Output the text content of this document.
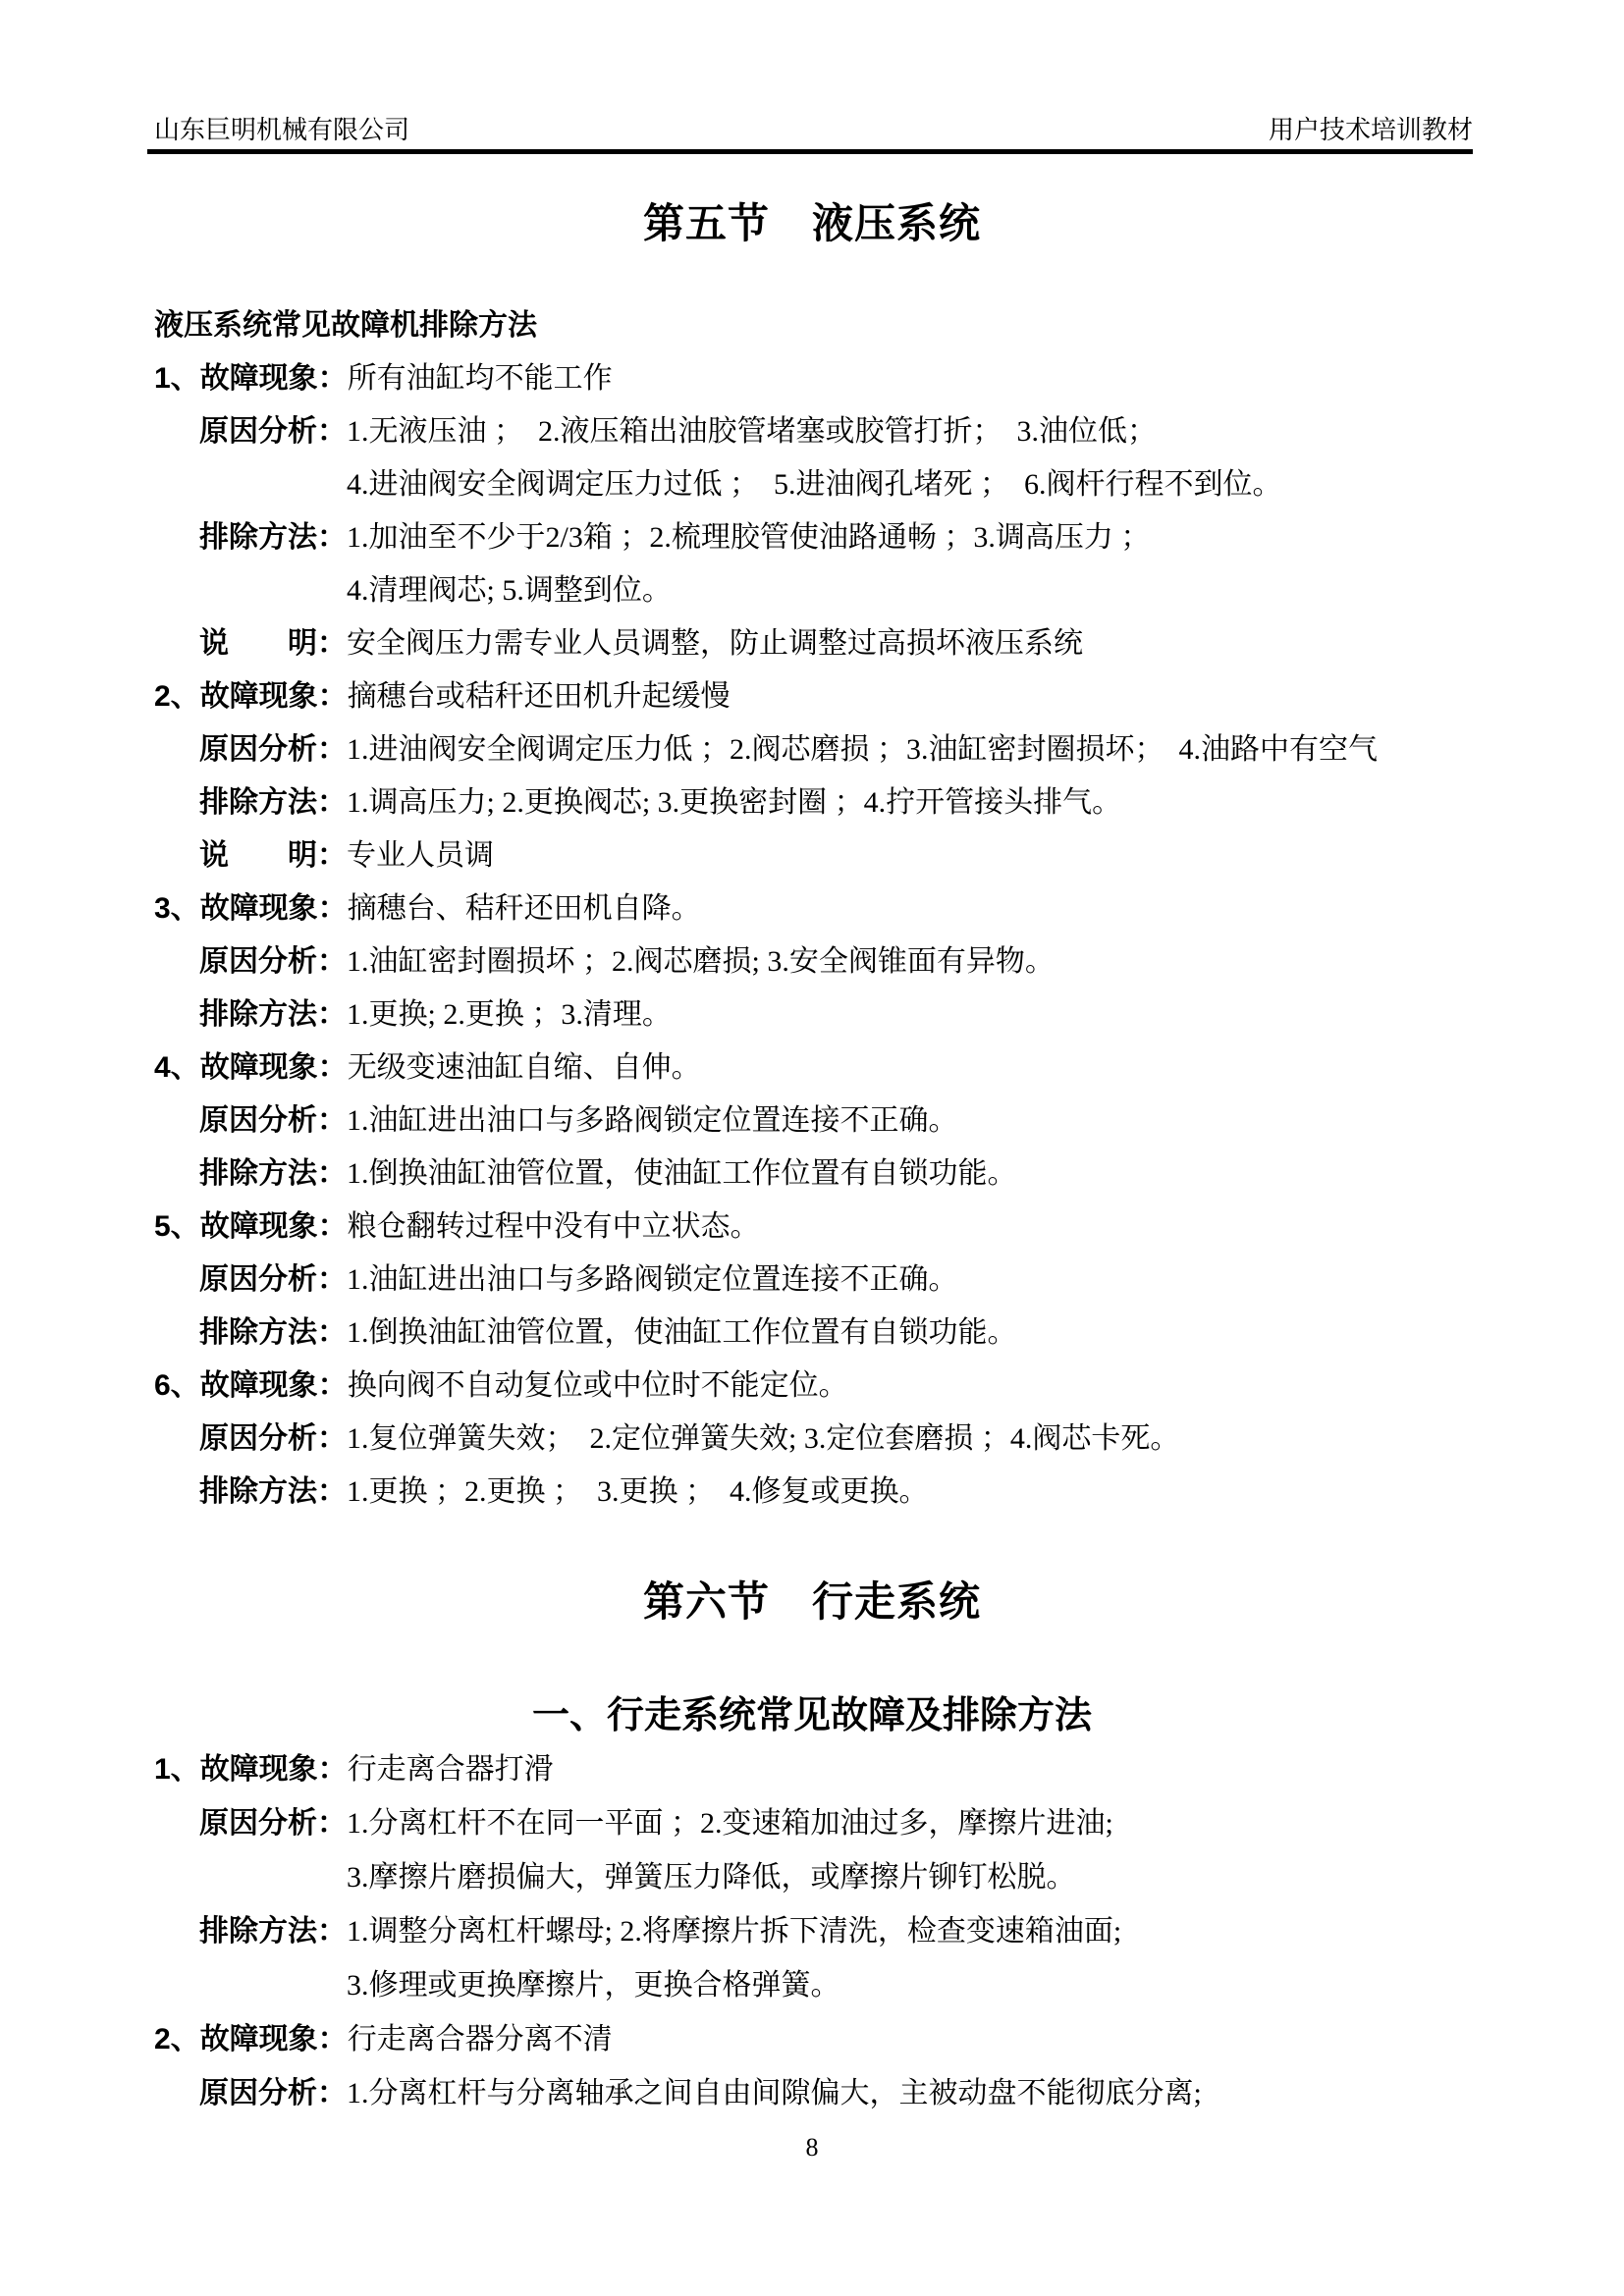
山东巨明机械有限公司	用户技术培训教材
第五节　液压系统
液压系统常见故障机排除方法
1、 故障现象： 所有油缸均不能工作
原因分析： 1.无液压油 ；  2.液压箱出油胶管堵塞或胶管打折；  3.油位低；
4.进油阀安全阀调定压力过低 ；  5.进油阀孔堵死 ；  6.阀杆行程不到位。
排除方法： 1.加油至不少于2/3箱 ；2.梳理胶管使油路通畅 ；3.调高压力 ；
4.清理阀芯; 5.调整到位。
说　　明： 安全阀压力需专业人员调整，防止调整过高损坏液压系统
2、 故障现象： 摘穗台或秸秆还田机升起缓慢
原因分析： 1.进油阀安全阀调定压力低 ；2.阀芯磨损 ；3.油缸密封圈损坏；  4.油路中有空气
排除方法： 1.调高压力; 2.更换阀芯; 3.更换密封圈 ；4.拧开管接头排气。
说　　明： 专业人员调
3、 故障现象： 摘穗台、秸秆还田机自降。
原因分析： 1.油缸密封圈损坏 ；2.阀芯磨损; 3.安全阀锥面有异物。
排除方法： 1.更换; 2.更换 ；3.清理。
4、 故障现象： 无级变速油缸自缩、自伸。
原因分析： 1.油缸进出油口与多路阀锁定位置连接不正确。
排除方法： 1.倒换油缸油管位置，使油缸工作位置有自锁功能。
5、 故障现象： 粮仓翻转过程中没有中立状态。
原因分析： 1.油缸进出油口与多路阀锁定位置连接不正确。
排除方法： 1.倒换油缸油管位置，使油缸工作位置有自锁功能。
6、 故障现象： 换向阀不自动复位或中位时不能定位。
原因分析： 1.复位弹簧失效；  2.定位弹簧失效; 3.定位套磨损 ；4.阀芯卡死。
排除方法： 1.更换 ；2.更换 ；  3.更换 ；  4.修复或更换。
第六节　行走系统
一、行走系统常见故障及排除方法
1、 故障现象： 行走离合器打滑
原因分析： 1.分离杠杆不在同一平面 ；2.变速箱加油过多，摩擦片进油;
3.摩擦片磨损偏大，弹簧压力降低，或摩擦片铆钉松脱。
排除方法： 1.调整分离杠杆螺母; 2.将摩擦片拆下清洗，检查变速箱油面;
3.修理或更换摩擦片，更换合格弹簧。
2、 故障现象： 行走离合器分离不清
原因分析： 1.分离杠杆与分离轴承之间自由间隙偏大，主被动盘不能彻底分离;
8
